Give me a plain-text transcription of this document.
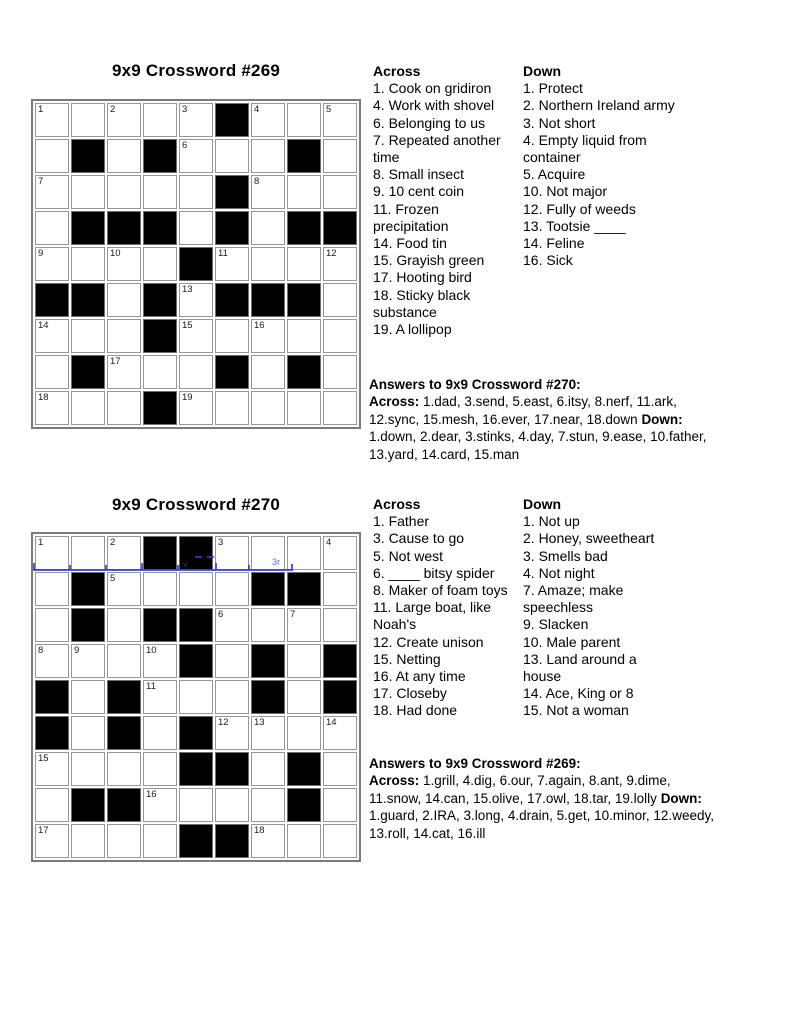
9x9 Crossword #269
1	2	3	4	5
6
7	8
9	10	11	12
13
14	15	16
17
18	19
Across
1. Cook on gridiron
4. Work with shovel
6. Belonging to us
7. Repeated another time
8. Small insect
9. 10 cent coin
11. Frozen precipitation
14. Food tin
15. Grayish green
17. Hooting bird
18. Sticky black substance
19. A lollipop
Down
1. Protect
2. Northern Ireland army
3. Not short
4. Empty liquid from container
5. Acquire
10. Not major
12. Fully of weeds
13. Tootsie ____
14. Feline
16. Sick
Answers to 9x9 Crossword #270:
Across: 1.dad, 3.send, 5.east, 6.itsy, 8.nerf, 11.ark,
12.sync, 15.mesh, 16.ever, 17.near, 18.down Down:
1.down, 2.dear, 3.stinks, 4.day, 7.stun, 9.ease, 10.father,
13.yard, 14.card, 15.man
9x9 Crossword #270
1	2	3	4
5
6	7
8	9	10
11
12	13	14
15
16
17	18
v	3r
Across
1. Father
3. Cause to go
5. Not west
6. ____ bitsy spider
8. Maker of foam toys
11. Large boat, like Noah's
12. Create unison
15. Netting
16. At any time
17. Closeby
18. Had done
Down
1. Not up
2. Honey, sweetheart
3. Smells bad
4. Not night
7. Amaze; make speechless
9. Slacken
10. Male parent
13. Land around a house
14. Ace, King or 8
15. Not a woman
Answers to 9x9 Crossword #269:
Across: 1.grill, 4.dig, 6.our, 7.again, 8.ant, 9.dime,
11.snow, 14.can, 15.olive, 17.owl, 18.tar, 19.lolly Down:
1.guard, 2.IRA, 3.long, 4.drain, 5.get, 10.minor, 12.weedy,
13.roll, 14.cat, 16.ill
